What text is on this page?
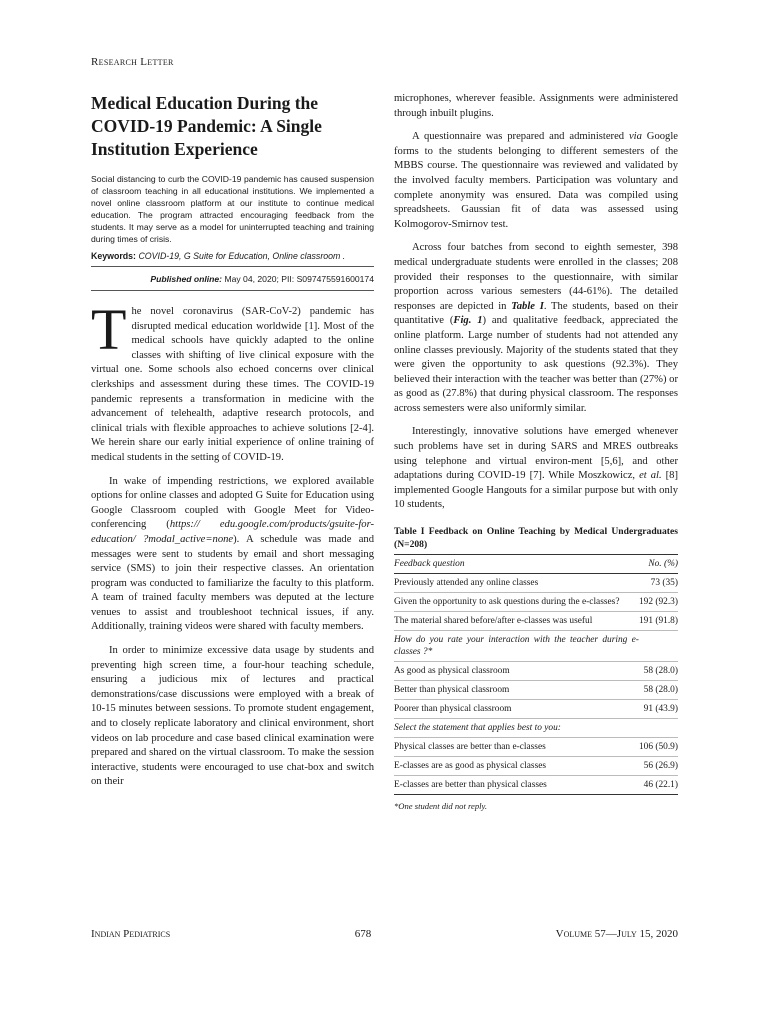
Research Letter
Medical Education During the COVID-19 Pandemic: A Single Institution Experience

Social distancing to curb the COVID-19 pandemic has caused suspension of classroom teaching in all educational institutions. We implemented a novel online classroom platform at our institute to continue medical education. The program attracted encouraging feedback from the students. It may serve as a model for uninterrupted teaching and training during times of crisis.

Keywords: COVID-19, G Suite for Education, Online classroom .
Published online: May 04, 2020; PII: S097475591600174

The novel coronavirus (SAR-CoV-2) pandemic has disrupted medical education worldwide [1]. Most of the medical schools have quickly adapted to the online classes with shifting of live clinical exposure with the virtual one. Some schools also echoed concerns over clinical clerkships and assessment during these times. The COVID-19 pandemic represents a transformation in medicine with the advancement of telehealth, adaptive research protocols, and clinical trials with flexible approaches to achieve solutions [2-4]. We herein share our early initial experience of online training of medical students in the setting of COVID-19.

In wake of impending restrictions, we explored available options for online classes and adopted G Suite for Education using Google Classroom coupled with Google Meet for Video-conferencing (https:// edu.google.com/products/gsuite-for-education/ ?modal_active=none). A schedule was made and messages were sent to students by email and short messaging service (SMS) to join their respective classes. An orientation program was conducted to familiarize the faculty to this platform. A team of trained faculty members was deputed at the lecture venues to assist and troubleshoot technical issues, if any. Additionally, training videos were shared with faculty members.

In order to minimize excessive data usage by students and preventing high screen time, a four-hour teaching schedule, ensuring a judicious mix of lectures and practical demonstrations/case discussions were employed with a break of 10-15 minutes between sessions. To promote student engagement, and to closely replicate laboratory and clinical environment, short videos on lab procedure and case based clinical examination were prepared and shared on the virtual classroom. To make the session interactive, students were encouraged to use chat-box and switch on their

microphones, wherever feasible. Assignments were administered through inbuilt plugins.

A questionnaire was prepared and administered via Google forms to the students belonging to different semesters of the MBBS course. The questionnaire was reviewed and validated by the involved faculty members. Participation was voluntary and complete anonymity was ensured. Data was compiled using spreadsheets. Gaussian fit of data was assessed using Kolmogorov-Smirnov test.

Across four batches from second to eighth semester, 398 medical undergraduate students were enrolled in the classes; 208 provided their responses to the questionnaire, with similar proportion across various semesters (44-61%). The detailed responses are depicted in Table I. The students, based on their quantitative (Fig. 1) and qualitative feedback, appreciated the online platform. Large number of students had not attended any online classes previously. Majority of the students stated that they were given the opportunity to ask questions (92.3%). They believed their interaction with the teacher was better than (27%) or as good as (27.8%) that during physical classroom. The responses across semesters were also uniformly similar.

Interestingly, innovative solutions have emerged whenever such problems have set in during SARS and MRES outbreaks using telephone and virtual environ-ment [5,6], and other adaptations during COVID-19 [7]. While Moszkowicz, et al. [8] implemented Google Hangouts for a similar purpose but with only 10 students,

Table I Feedback on Online Teaching by Medical Undergraduates (N=208)
Feedback question	No. (%)
Previously attended any online classes	73 (35)
Given the opportunity to ask questions during the e-classes?	192 (92.3)
The material shared before/after e-classes was useful	191 (91.8)
How do you rate your interaction with the teacher during e-classes ?*	
As good as physical classroom	58 (28.0)
Better than physical classroom	58 (28.0)
Poorer than physical classroom	91 (43.9)
Select the statement that applies best to you:	
Physical classes are better than e-classes	106 (50.9)
E-classes are as good as physical classes	56 (26.9)
E-classes are better than physical classes	46 (22.1)
*One student did not reply.
Indian Pediatrics	678	Volume 57—July 15, 2020
